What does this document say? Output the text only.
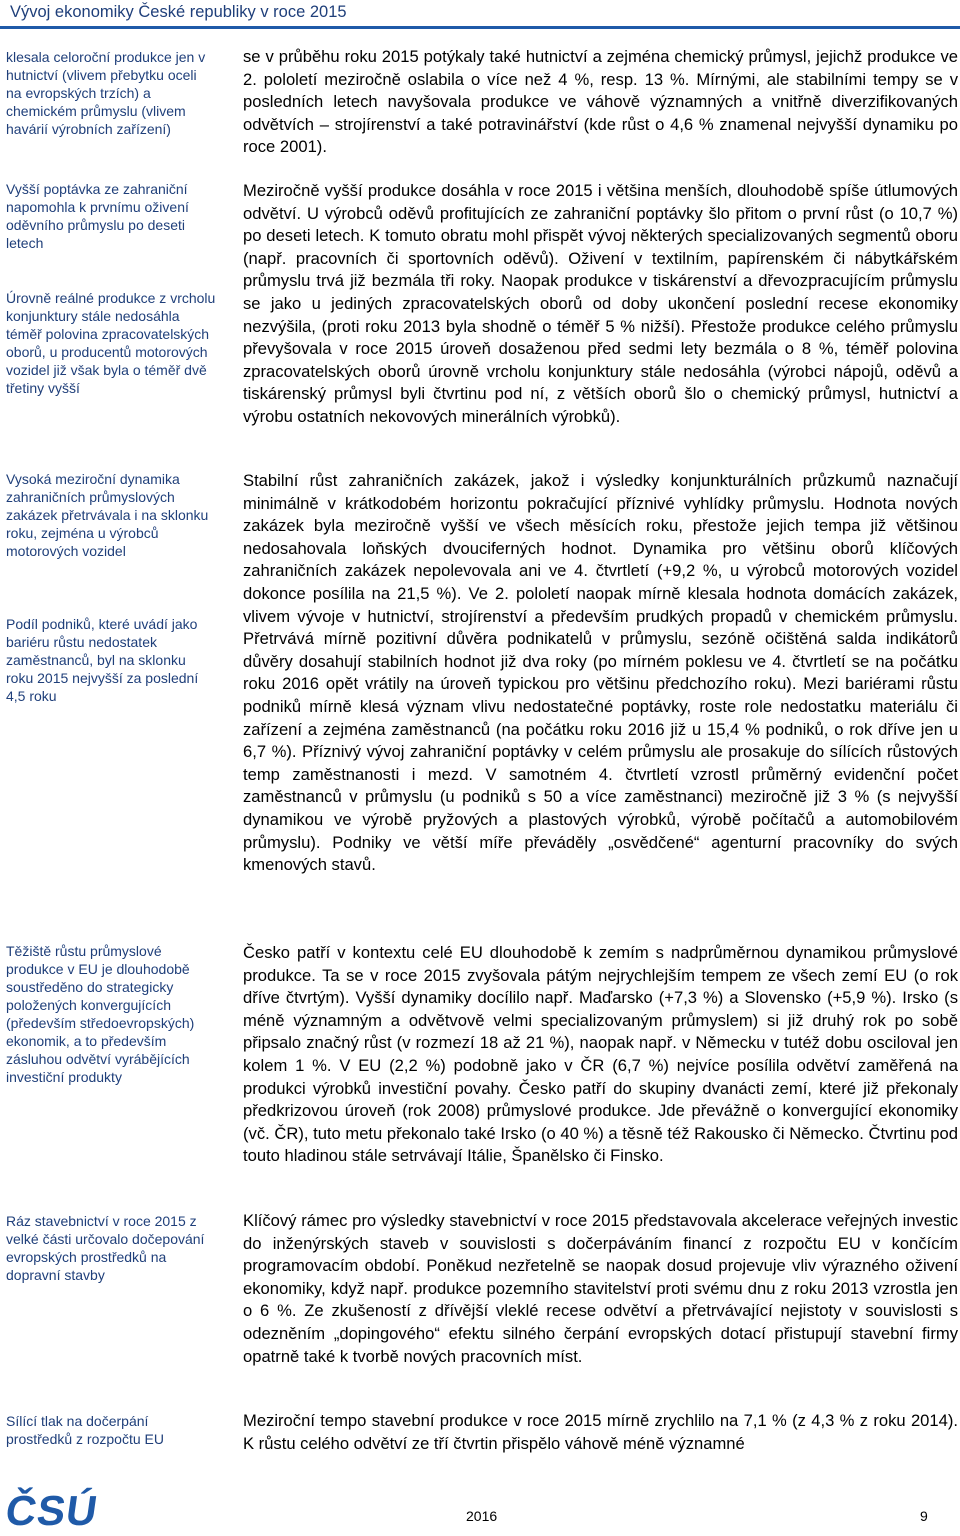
Vývoj ekonomiky České republiky v roce 2015

klesala celoroční produkce jen v hutnictví (vlivem přebytku oceli na evropských trzích) a chemickém průmyslu (vlivem havárií výrobních zařízení)

Vyšší poptávka ze zahraniční napomohla k prvnímu oživení oděvního průmyslu po deseti letech

Úrovně reálné produkce z vrcholu konjunktury stále nedosáhla téměř polovina zpracovatelských oborů, u producentů motorových vozidel již však byla o téměř dvě třetiny vyšší

Vysoká meziroční dynamika zahraničních průmyslových zakázek přetrvávala i na sklonku roku, zejména u výrobců motorových vozidel

Podíl podniků, které uvádí jako bariéru růstu nedostatek zaměstnanců, byl na sklonku roku 2015 nejvyšší za poslední 4,5 roku

Těžiště růstu průmyslové produkce v EU je dlouhodobě soustředěno do strategicky položených konvergujících (především středoevropských) ekonomik, a to především zásluhou odvětví vyrábějících investiční produkty

Ráz stavebnictví v roce 2015 z velké části určovalo dočepování evropských prostředků na dopravní stavby

Sílící tlak na dočerpání prostředků z rozpočtu EU

se v průběhu roku 2015 potýkaly také hutnictví a zejména chemický průmysl, jejichž produkce ve 2. pololetí meziročně oslabila o více než 4 %, resp. 13 %. Mírnými, ale stabilními tempy se v posledních letech navyšovala produkce ve váhově významných a vnitřně diverzifikovaných odvětvích – strojírenství a také potravinářství (kde růst o 4,6 % znamenal nejvyšší dynamiku po roce 2001).

Meziročně vyšší produkce dosáhla v roce 2015 i většina menších, dlouhodobě spíše útlumových odvětví. U výrobců oděvů profitujících ze zahraniční poptávky šlo přitom o první růst (o 10,7 %) po deseti letech. K tomuto obratu mohl přispět vývoj některých specializovaných segmentů oboru (např. pracovních či sportovních oděvů). Oživení v textilním, papírenském či nábytkářském průmyslu trvá již bezmála tři roky. Naopak produkce v tiskárenství a dřevozpracujícím průmyslu se jako u jediných zpracovatelských oborů od doby ukončení poslední recese ekonomiky nezvýšila, (proti roku 2013 byla shodně o téměř 5 % nižší). Přestože produkce celého průmyslu převyšovala v roce 2015 úroveň dosaženou před sedmi lety bezmála o 8 %, téměř polovina zpracovatelských oborů úrovně vrcholu konjunktury stále nedosáhla (výrobci nápojů, oděvů a tiskárenský průmysl byli čtvrtinu pod ní, z větších oborů šlo o chemický průmysl, hutnictví a výrobu ostatních nekovových minerálních výrobků).

Stabilní růst zahraničních zakázek, jakož i výsledky konjunkturálních průzkumů naznačují minimálně v krátkodobém horizontu pokračující příznivé vyhlídky průmyslu. Hodnota nových zakázek byla meziročně vyšší ve všech měsících roku, přestože jejich tempa již většinou nedosahovala loňských dvouciferných hodnot. Dynamika pro většinu oborů klíčových zahraničních zakázek nepolevovala ani ve 4. čtvrtletí (+9,2 %, u výrobců motorových vozidel dokonce posílila na 21,5 %). Ve 2. pololetí naopak mírně klesala hodnota domácích zakázek, vlivem vývoje v hutnictví, strojírenství a především prudkých propadů v chemickém průmyslu. Přetrvává mírně pozitivní důvěra podnikatelů v průmyslu, sezóně očištěná salda indikátorů důvěry dosahují stabilních hodnot již dva roky (po mírném poklesu ve 4. čtvrtletí se na počátku roku 2016 opět vrátily na úroveň typickou pro většinu předchozího roku). Mezi bariérami růstu podniků mírně klesá význam vlivu nedostatečné poptávky, roste role nedostatku materiálu či zařízení a zejména zaměstnanců (na počátku roku 2016 již u 15,4 % podniků, o rok dříve jen u 6,7 %). Příznivý vývoj zahraniční poptávky v celém průmyslu ale prosakuje do sílících růstových temp zaměstnanosti i mezd. V samotném 4. čtvrtletí vzrostl průměrný evidenční počet zaměstnanců v průmyslu (u podniků s 50 a více zaměstnanci) meziročně již 3 % (s nejvyšší dynamikou ve výrobě pryžových a plastových výrobků, výrobě počítačů a automobilovém průmyslu). Podniky ve větší míře převáděly „osvědčené“ agenturní pracovníky do svých kmenových stavů.

Česko patří v kontextu celé EU dlouhodobě k zemím s nadprůměrnou dynamikou průmyslové produkce. Ta se v roce 2015 zvyšovala pátým nejrychlejším tempem ze všech zemí EU (o rok dříve čtvrtým). Vyšší dynamiky docílilo např. Maďarsko (+7,3 %) a Slovensko (+5,9 %). Irsko (s méně významným a odvětvově velmi specializovaným průmyslem) si již druhý rok po sobě připsalo značný růst (v rozmezí 18 až 21 %), naopak např. v Německu v tutéž dobu osciloval jen kolem 1 %. V EU (2,2 %) podobně jako v ČR (6,7 %) nejvíce posílila odvětví zaměřená na produkci výrobků investiční povahy. Česko patří do skupiny dvanácti zemí, které již překonaly předkrizovou úroveň (rok 2008) průmyslové produkce. Jde převážně o konvergující ekonomiky (vč. ČR), tuto metu překonalo také Irsko (o 40 %) a těsně též Rakousko či Německo. Čtvrtinu pod touto hladinou stále setrvávají Itálie, Španělsko či Finsko.

Klíčový rámec pro výsledky stavebnictví v roce 2015 představovala akcelerace veřejných investic do inženýrských staveb v souvislosti s dočerpáváním financí z rozpočtu EU v končícím programovacím období. Poněkud nezřetelně se naopak dosud projevuje vliv výrazného oživení ekonomiky, když např. produkce pozemního stavitelství proti svému dnu z roku 2013 vzrostla jen o 6 %. Ze zkušeností z dřívější vleklé recese odvětví a přetrvávající nejistoty v souvislosti s odezněním „dopingového“ efektu silného čerpání evropských dotací přistupují stavební firmy opatrně také k tvorbě nových pracovních míst.

Meziroční tempo stavební produkce v roce 2015 mírně zrychlilo na 7,1 % (z 4,3 % z roku 2014). K růstu celého odvětví ze tří čtvrtin přispělo váhově méně významné

ČSÚ	2016	9
